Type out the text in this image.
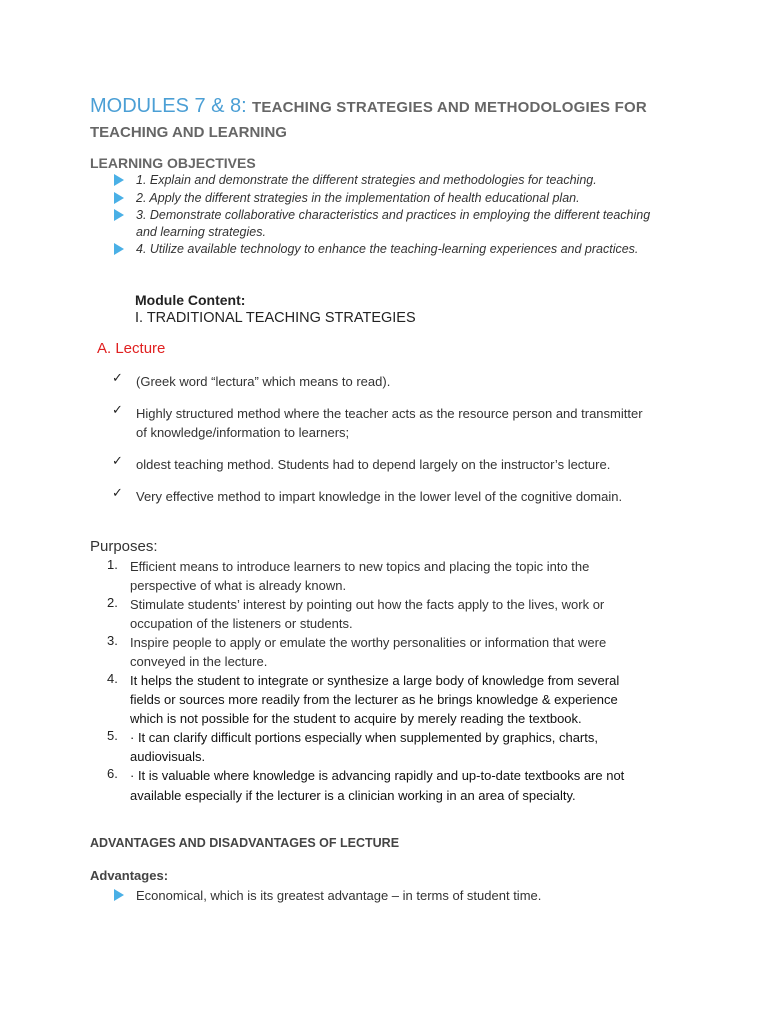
MODULES 7 & 8: TEACHING STRATEGIES AND METHODOLOGIES FOR
TEACHING AND LEARNING
LEARNING OBJECTIVES
1. Explain and demonstrate the different strategies and methodologies for teaching.
2. Apply the different strategies in the implementation of health educational plan.
3. Demonstrate collaborative characteristics and practices in employing the different teaching
and learning strategies.
4. Utilize available technology to enhance the teaching-learning experiences and practices.
Module Content:
I. TRADITIONAL TEACHING STRATEGIES
A. Lecture
✓ (Greek word “lectura” which means to read).
✓ Highly structured method where the teacher acts as the resource person and transmitter
of knowledge/information to learners;
✓ oldest teaching method. Students had to depend largely on the instructor’s lecture.
✓ Very effective method to impart knowledge in the lower level of the cognitive domain.
Purposes:
1. Efficient means to introduce learners to new topics and placing the topic into the
perspective of what is already known.
2. Stimulate students’ interest by pointing out how the facts apply to the lives, work or
occupation of the listeners or students.
3. Inspire people to apply or emulate the worthy personalities or information that were
conveyed in the lecture.
4. It helps the student to integrate or synthesize a large body of knowledge from several
fields or sources more readily from the lecturer as he brings knowledge & experience
which is not possible for the student to acquire by merely reading the textbook.
5. · It can clarify difficult portions especially when supplemented by graphics, charts,
audiovisuals.
6. · It is valuable where knowledge is advancing rapidly and up-to-date textbooks are not
available especially if the lecturer is a clinician working in an area of specialty.
ADVANTAGES AND DISADVANTAGES OF LECTURE
Advantages:
Economical, which is its greatest advantage – in terms of student time.
